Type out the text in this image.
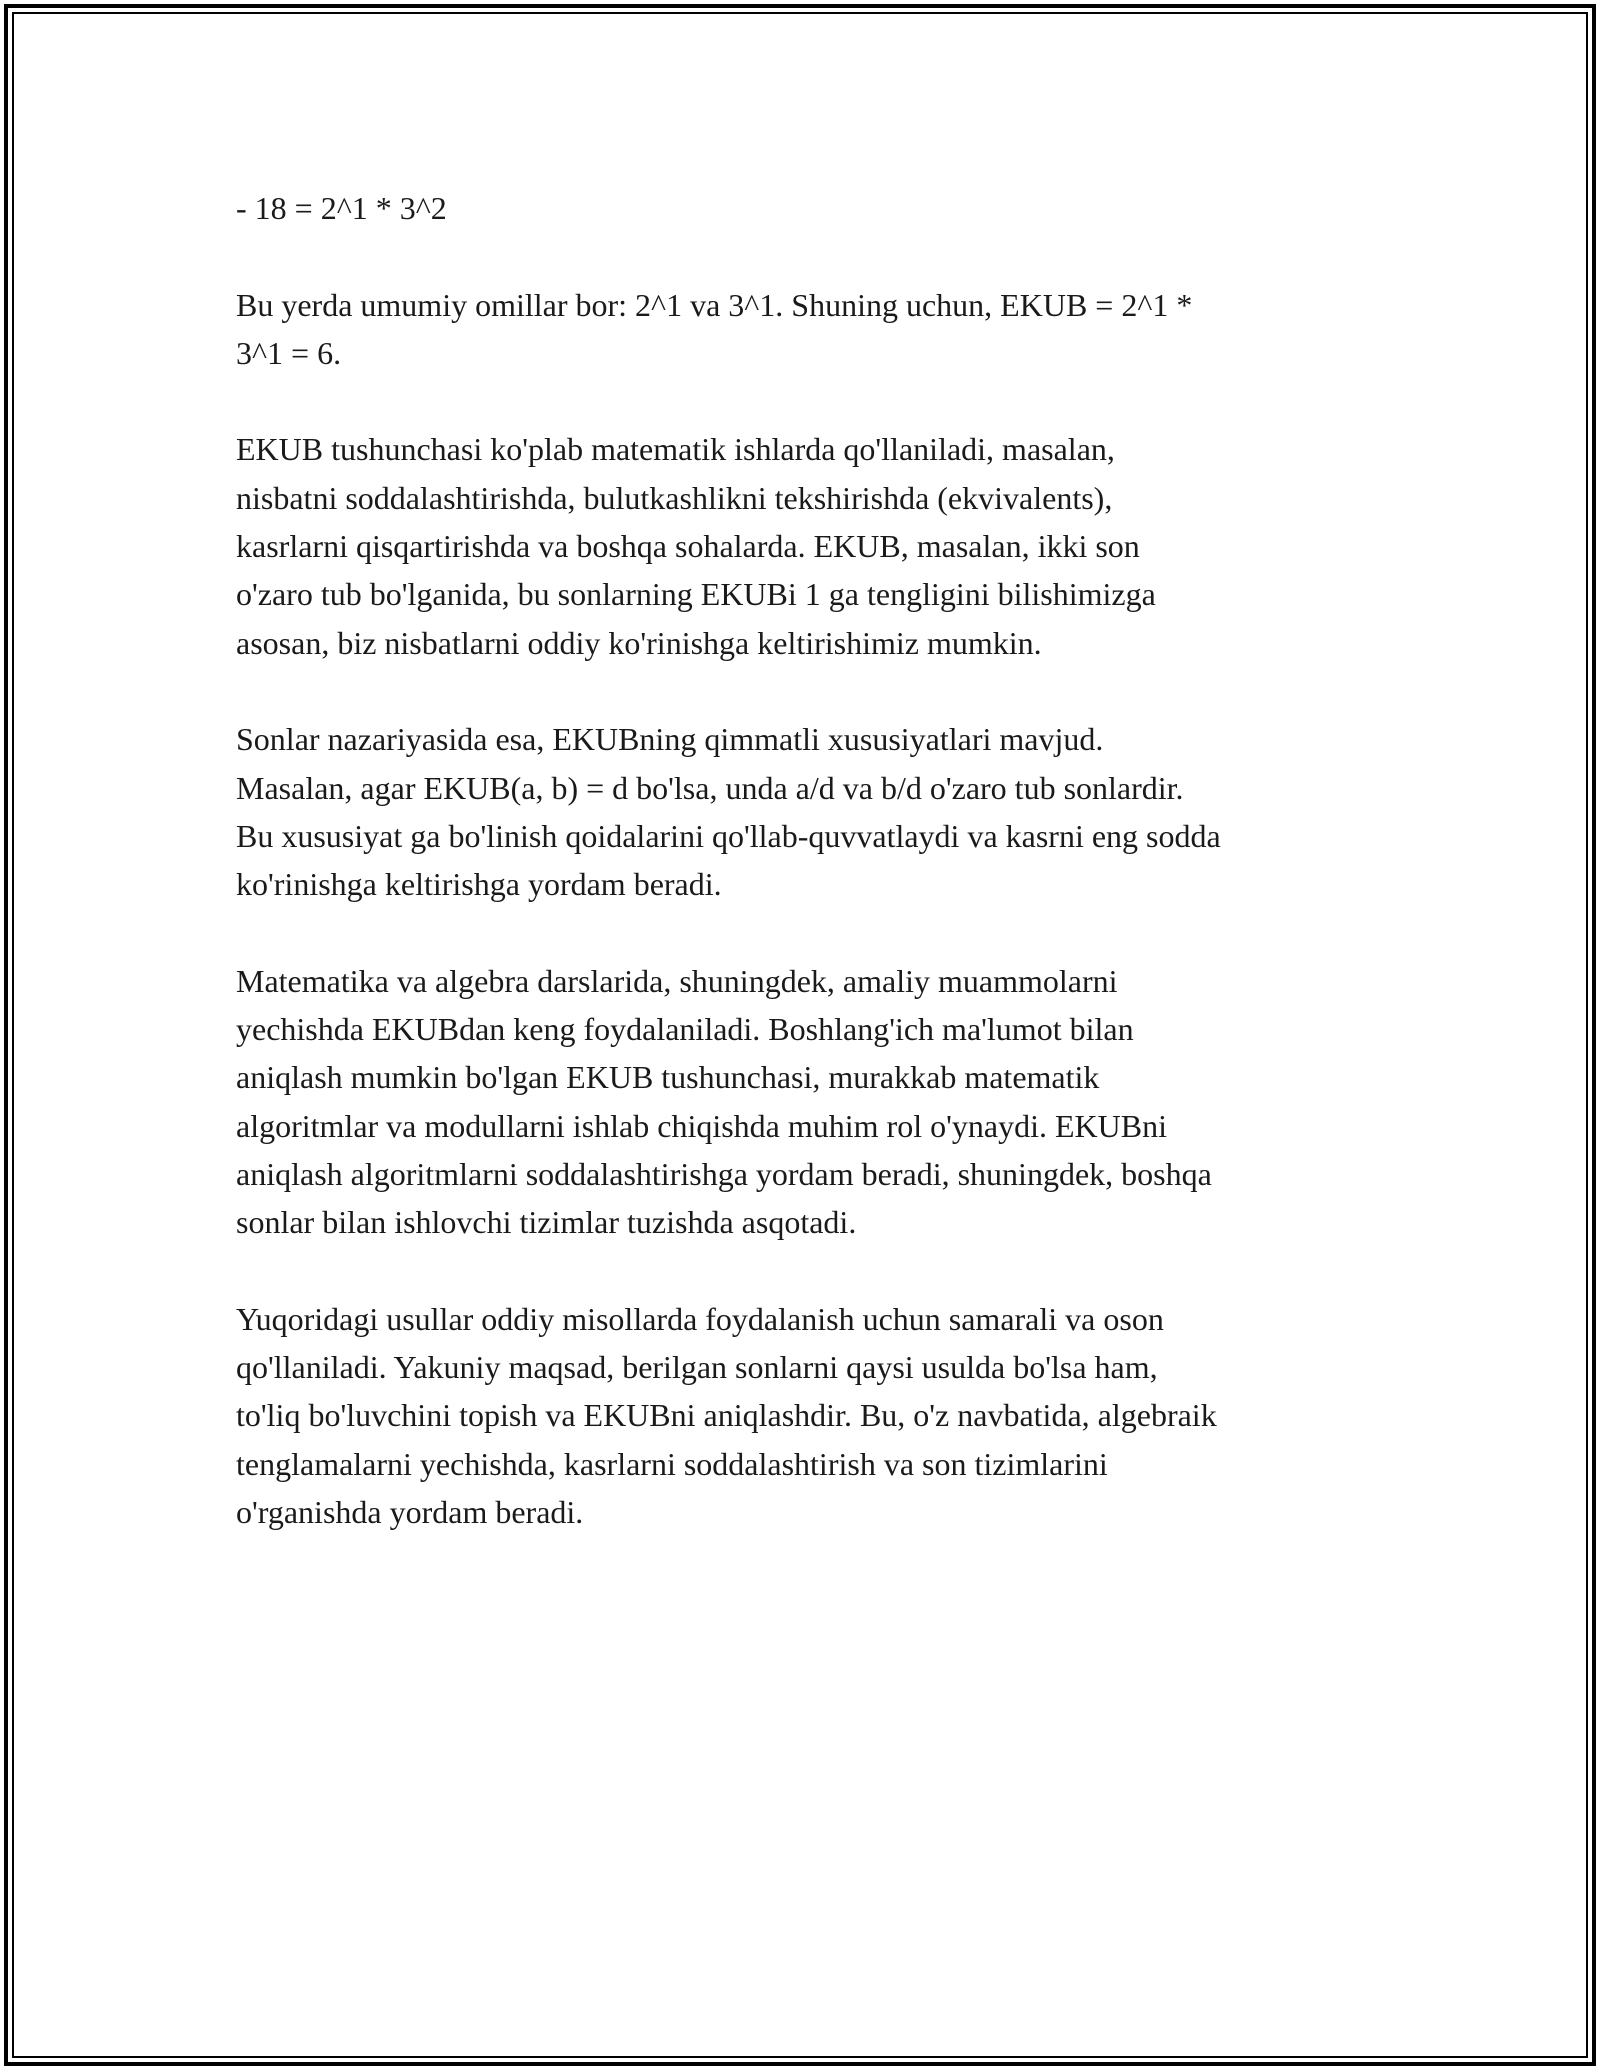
- 18 = 2^1 * 3^2

Bu yerda umumiy omillar bor: 2^1 va 3^1. Shuning uchun, EKUB = 2^1 *
3^1 = 6.

EKUB tushunchasi ko'plab matematik ishlarda qo'llaniladi, masalan,
nisbatni soddalashtirishda, bulutkashlikni tekshirishda (ekvivalents),
kasrlarni qisqartirishda va boshqa sohalarda. EKUB, masalan, ikki son
o'zaro tub bo'lganida, bu sonlarning EKUBi 1 ga tengligini bilishimizga
asosan, biz nisbatlarni oddiy ko'rinishga keltirishimiz mumkin.

Sonlar nazariyasida esa, EKUBning qimmatli xususiyatlari mavjud.
Masalan, agar EKUB(a, b) = d bo'lsa, unda a/d va b/d o'zaro tub sonlardir.
Bu xususiyat ga bo'linish qoidalarini qo'llab-quvvatlaydi va kasrni eng sodda
ko'rinishga keltirishga yordam beradi.

Matematika va algebra darslarida, shuningdek, amaliy muammolarni
yechishda EKUBdan keng foydalaniladi. Boshlang'ich ma'lumot bilan
aniqlash mumkin bo'lgan EKUB tushunchasi, murakkab matematik
algoritmlar va modullarni ishlab chiqishda muhim rol o'ynaydi. EKUBni
aniqlash algoritmlarni soddalashtirishga yordam beradi, shuningdek, boshqa
sonlar bilan ishlovchi tizimlar tuzishda asqotadi.

Yuqoridagi usullar oddiy misollarda foydalanish uchun samarali va oson
qo'llaniladi. Yakuniy maqsad, berilgan sonlarni qaysi usulda bo'lsa ham,
to'liq bo'luvchini topish va EKUBni aniqlashdir. Bu, o'z navbatida, algebraik
tenglamalarni yechishda, kasrlarni soddalashtirish va son tizimlarini
o'rganishda yordam beradi.
